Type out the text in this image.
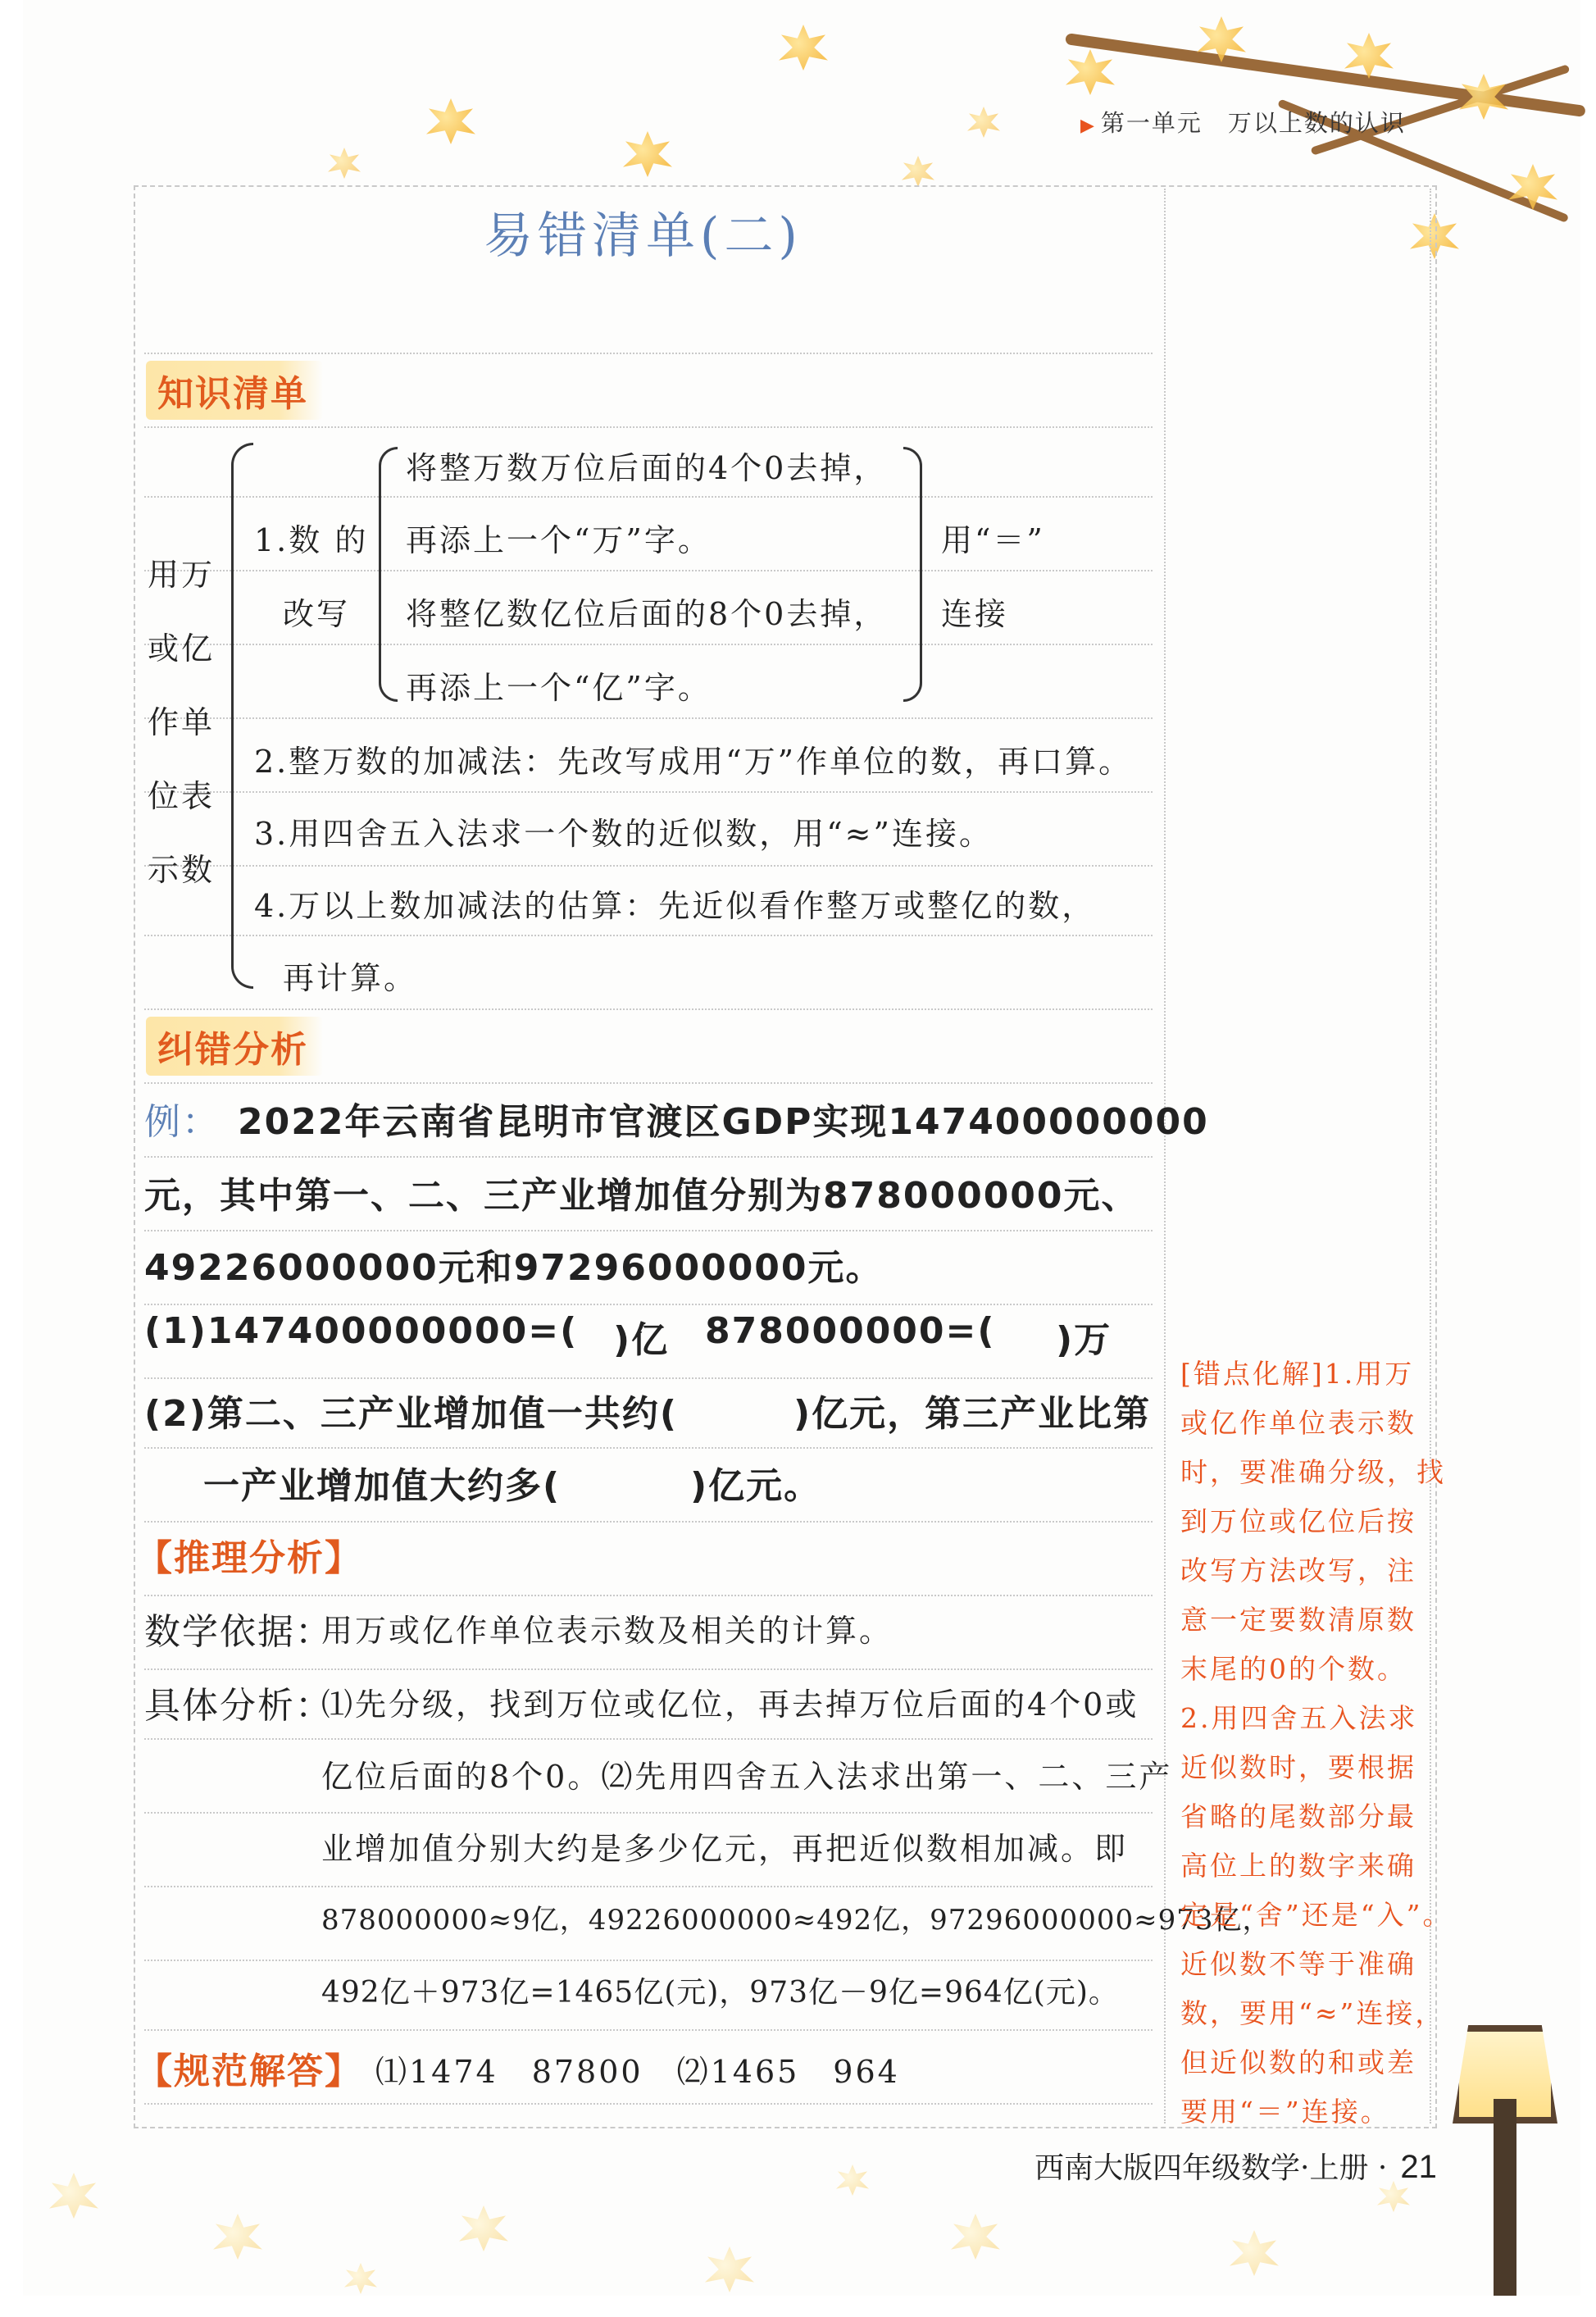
▶ 第一单元　万以上数的认识
易错清单(二)
知识清单
用万
或亿
作单
位表
示数
1.数 的
改写
将整万数万位后面的4个0去掉，
再添上一个“万”字。
将整亿数亿位后面的8个0去掉，
再添上一个“亿”字。
用“＝”
连接
2.整万数的加减法：先改写成用“万”作单位的数，再口算。
3.用四舍五入法求一个数的近似数，用“≈”连接。
4.万以上数加减法的估算：先近似看作整万或整亿的数，
再计算。
纠错分析
例： 2022年云南省昆明市官渡区GDP实现147400000000
元，其中第一、二、三产业增加值分别为878000000元、
49226000000元和97296000000元。
(1)147400000000=( )亿 878000000=( )万
(2)第二、三产业增加值一共约(	)亿元，第三产业比第
一产业增加值大约多(	)亿元。
【推理分析】
数学依据：
用万或亿作单位表示数及相关的计算。
具体分析：
⑴先分级，找到万位或亿位，再去掉万位后面的4个0或
亿位后面的8个0。⑵先用四舍五入法求出第一、二、三产
业增加值分别大约是多少亿元，再把近似数相加减。即
878000000≈9亿，49226000000≈492亿，97296000000≈973亿，
492亿＋973亿=1465亿(元)，973亿－9亿=964亿(元)。
【规范解答】 ⑴1474　87800　⑵1465　964
[错点化解]1.用万
或亿作单位表示数
时，要准确分级，找
到万位或亿位后按
改写方法改写，注
意一定要数清原数
末尾的0的个数。
2.用四舍五入法求
近似数时，要根据
省略的尾数部分最
高位上的数字来确
定是“舍”还是“入”。
近似数不等于准确
数，要用“≈”连接，
但近似数的和或差
要用“＝”连接。
西南大版四年级数学·上册 · 21
